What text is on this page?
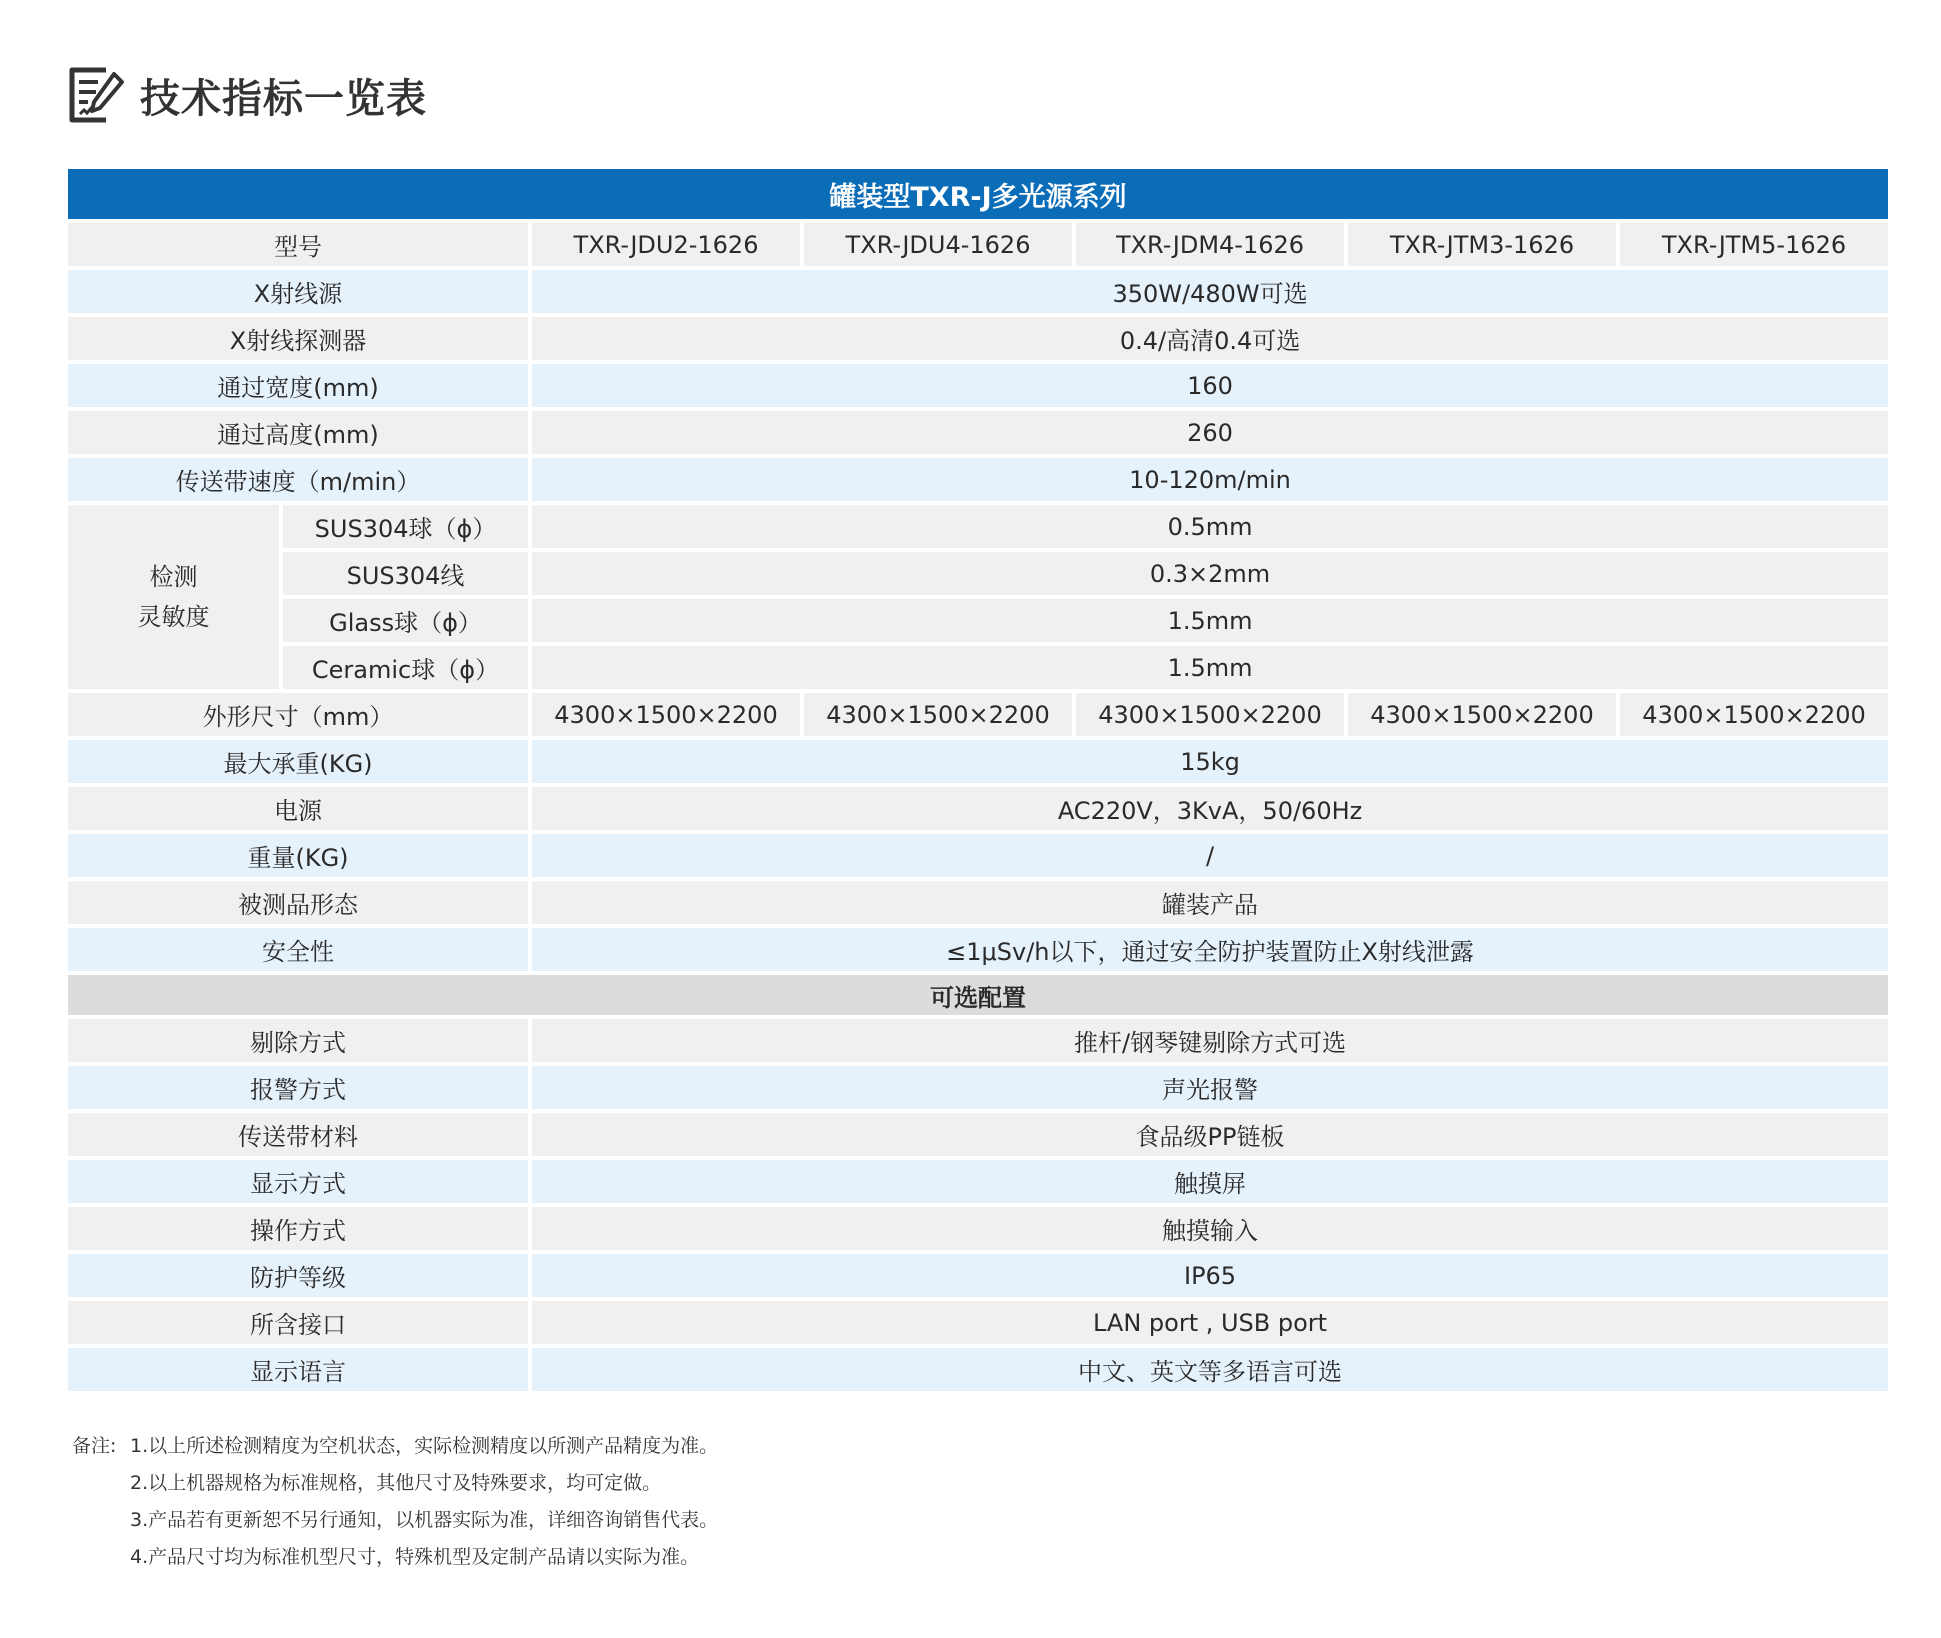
技术指标一览表
罐装型TXR-J多光源系列						
型号		TXR-JDU2-1626	TXR-JDU4-1626	TXR-JDM4-1626	TXR-JTM3-1626	TXR-JTM5-1626
X射线源		350W/480W可选				
X射线探测器		0.4/高清0.4可选				
通过宽度(mm)		160				
通过高度(mm)		260				
传送带速度（m/min）		10-120m/min				

检测
灵敏度	SUS304球（ϕ）	0.5mm				
	SUS304线	0.3×2mm				
	Glass球（ϕ）	1.5mm				
	Ceramic球（ϕ）	1.5mm				
外形尺寸（mm）		4300×1500×2200	4300×1500×2200	4300×1500×2200	4300×1500×2200	4300×1500×2200
最大承重(KG)		15kg				
电源		AC220V，3KvA，50/60Hz				
重量(KG)		/				
被测品形态		罐装产品				
安全性		≤1μSv/h以下，通过安全防护装置防止X射线泄露				
可选配置						
剔除方式		推杆/钢琴键剔除方式可选				
报警方式		声光报警				
传送带材料		食品级PP链板				
显示方式		触摸屏				
操作方式		触摸输入				
防护等级		IP65				
所含接口		LAN port , USB port				
显示语言		中文、英文等多语言可选				
备注: 1.以上所述检测精度为空机状态，实际检测精度以所测产品精度为准。
2.以上机器规格为标准规格，其他尺寸及特殊要求，均可定做。
3.产品若有更新恕不另行通知，以机器实际为准，详细咨询销售代表。
4.产品尺寸均为标准机型尺寸，特殊机型及定制产品请以实际为准。
